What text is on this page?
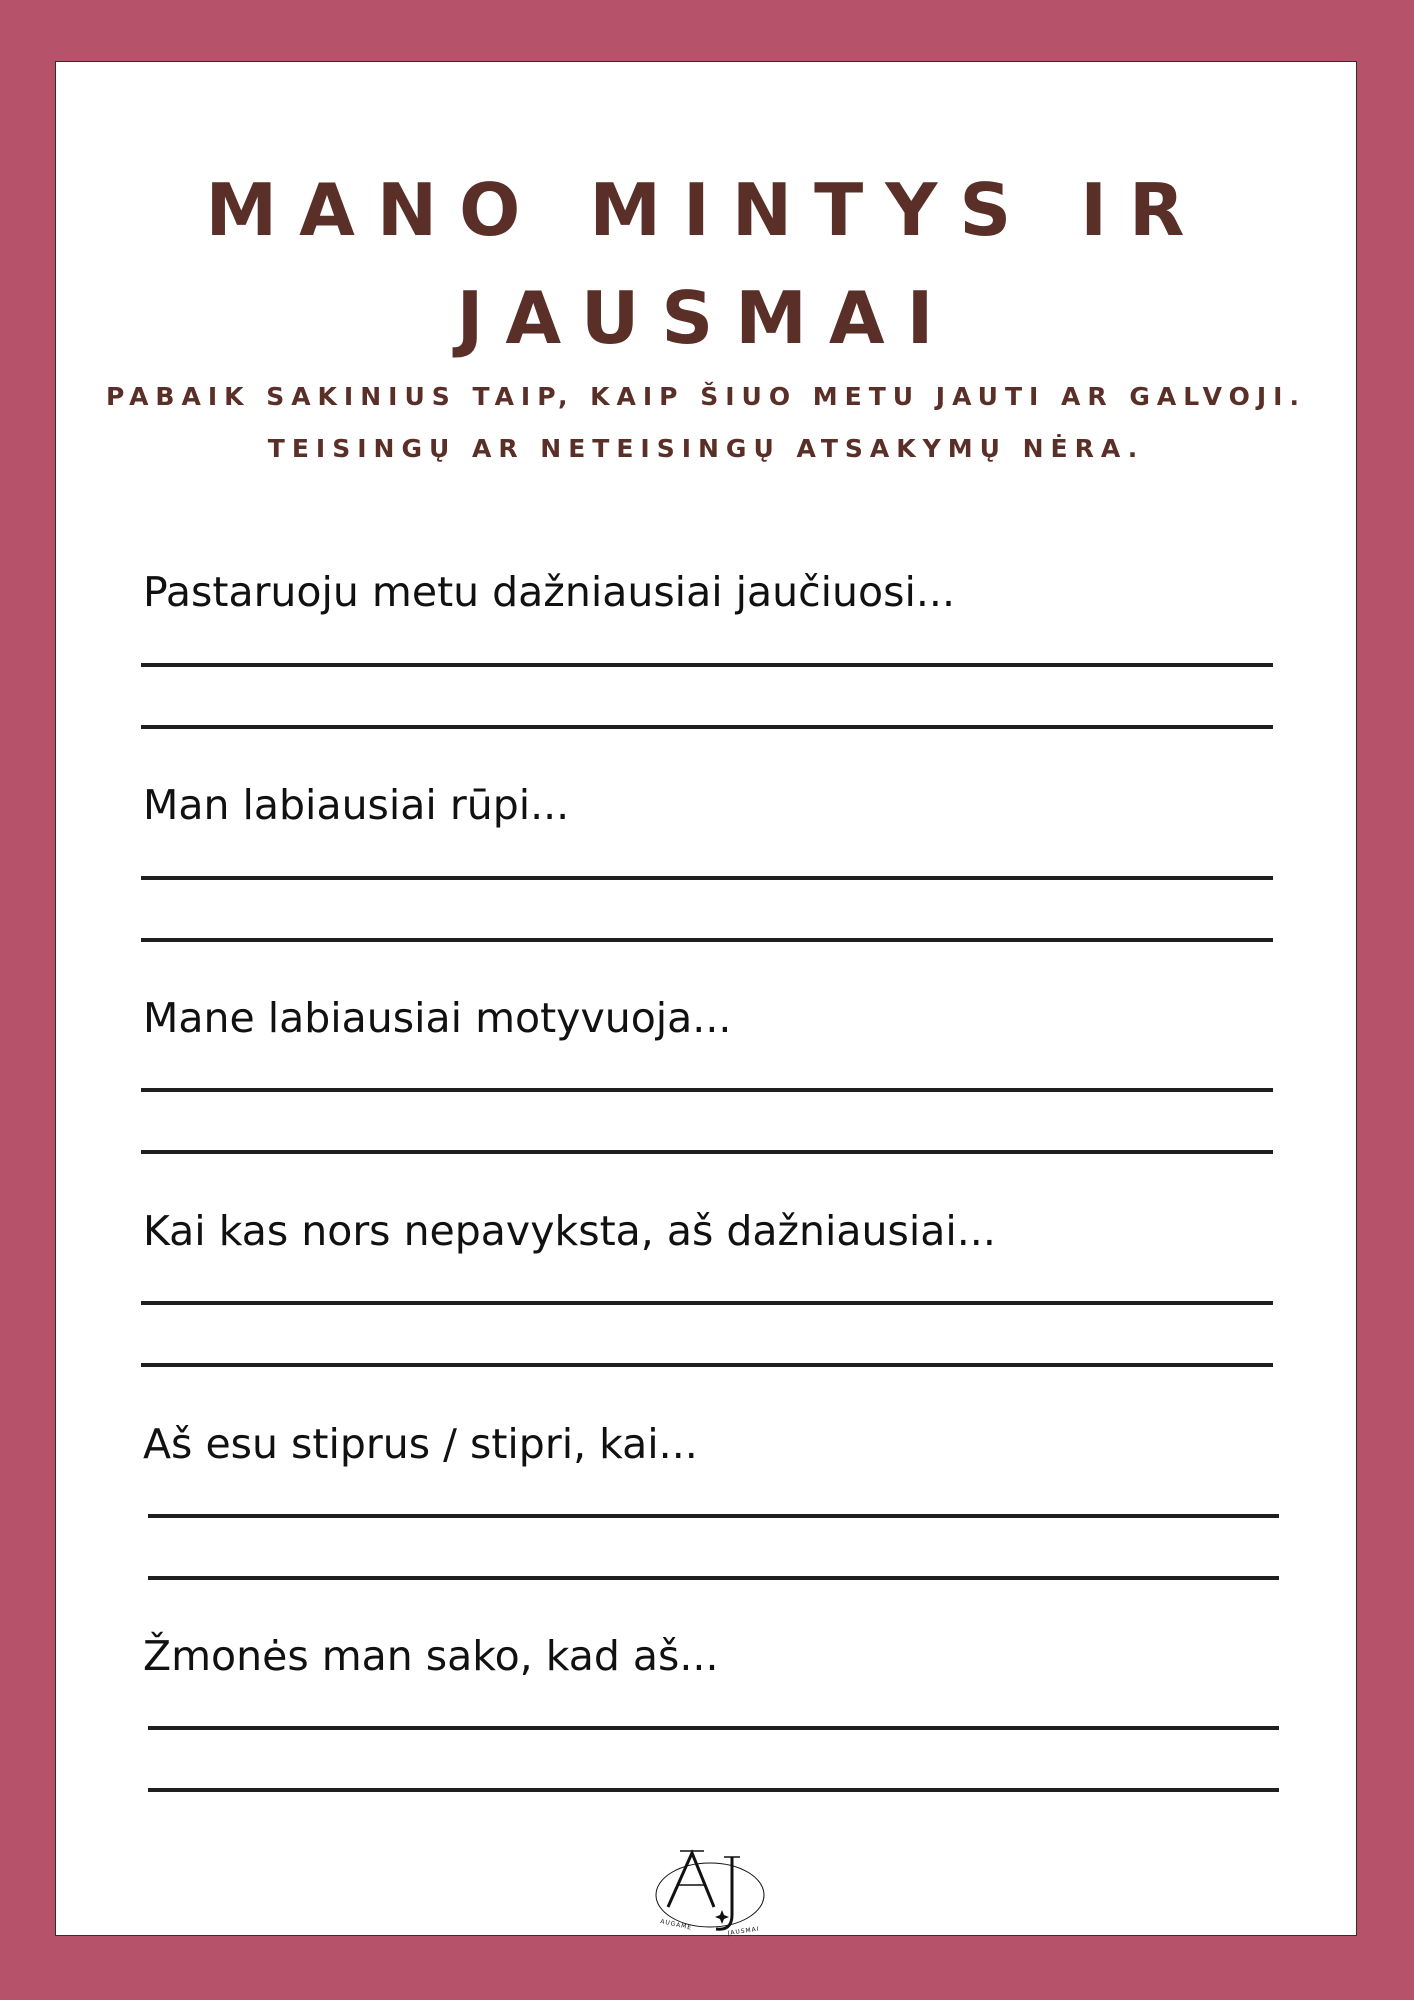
MANO MINTYS IR
JAUSMAI

PABAIK SAKINIUS TAIP, KAIP ŠIUO METU JAUTI AR GALVOJI.

TEISINGŲ AR NETEISINGŲ ATSAKYMŲ NĖRA.

Pastaruoju metu dažniausiai jaučiuosi...

Man labiausiai rūpi...

Mane labiausiai motyvuoja...

Kai kas nors nepavyksta, aš dažniausiai...

Aš esu stiprus / stipri, kai...

Žmonės man sako, kad aš...

AUGAME	JAUSMAI
